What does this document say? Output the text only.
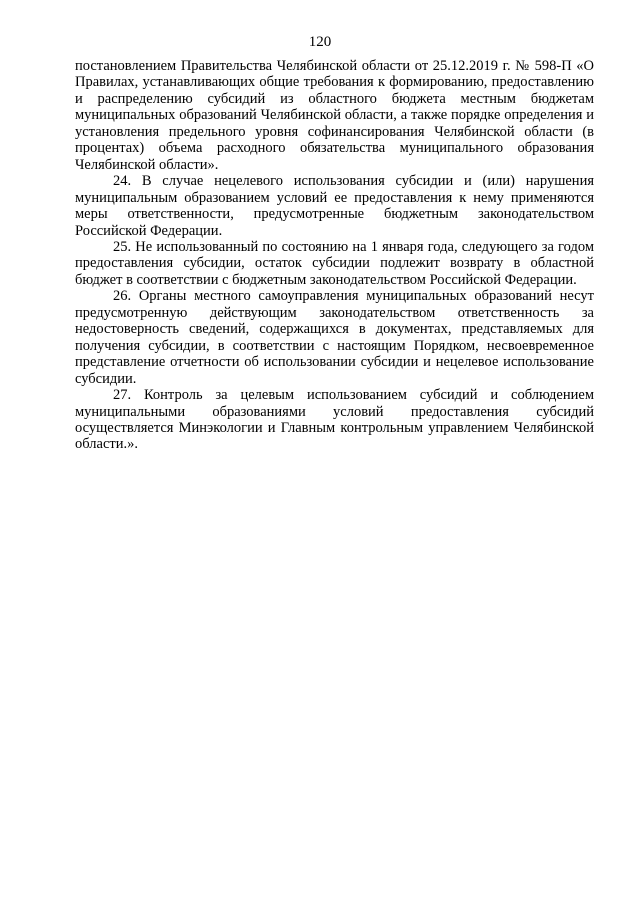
120

постановлением Правительства Челябинской области от 25.12.2019 г. № 598-П «О Правилах, устанавливающих общие требования к формированию, предоставлению и распределению субсидий из областного бюджета местным бюджетам муниципальных образований Челябинской области, а также порядке определения и установления предельного уровня софинансирования Челябинской области (в процентах) объема расходного обязательства муниципального образования Челябинской области».

24. В случае нецелевого использования субсидии и (или) нарушения муниципальным образованием условий ее предоставления к нему применяются меры ответственности, предусмотренные бюджетным законодательством Российской Федерации.

25. Не использованный по состоянию на 1 января года, следующего за годом предоставления субсидии, остаток субсидии подлежит возврату в областной бюджет в соответствии с бюджетным законодательством Российской Федерации.

26. Органы местного самоуправления муниципальных образований несут предусмотренную действующим законодательством ответственность за недостоверность сведений, содержащихся в документах, представляемых для получения субсидии, в соответствии с настоящим Порядком, несвоевременное представление отчетности об использовании субсидии и нецелевое использование субсидии.

27. Контроль за целевым использованием субсидий и соблюдением муниципальными образованиями условий предоставления субсидий осуществляется Минэкологии и Главным контрольным управлением Челябинской области.».
